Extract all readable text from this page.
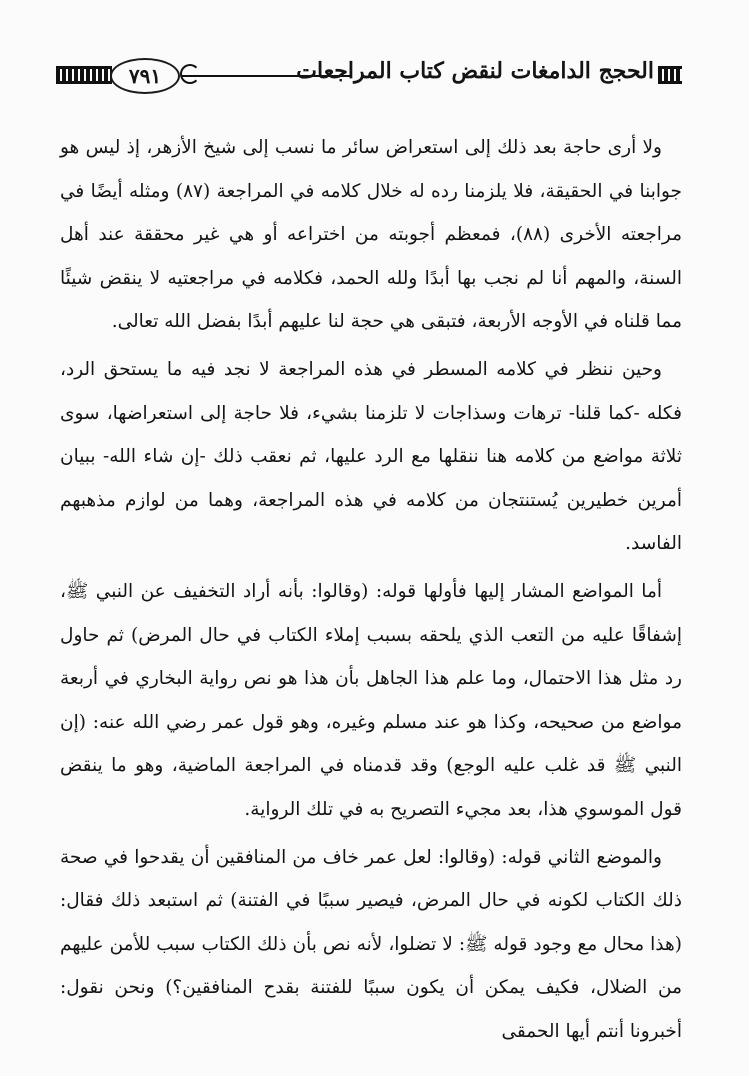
٧٩١	الحجج الدامغات لنقض كتاب المراجعات

ولا أرى حاجة بعد ذلك إلى استعراض سائر ما نسب إلى شيخ الأزهر، إذ ليس هو جوابنا في الحقيقة، فلا يلزمنا رده له خلال كلامه في المراجعة (٨٧) ومثله أيضًا في مراجعته الأخرى (٨٨)، فمعظم أجوبته من اختراعه أو هي غير محققة عند أهل السنة، والمهم أنا لم نجب بها أبدًا ولله الحمد، فكلامه في مراجعتيه لا ينقض شيئًا مما قلناه في الأوجه الأربعة، فتبقى هي حجة لنا عليهم أبدًا بفضل الله تعالى.

وحين ننظر في كلامه المسطر في هذه المراجعة لا نجد فيه ما يستحق الرد، فكله -كما قلنا- ترهات وسذاجات لا تلزمنا بشيء، فلا حاجة إلى استعراضها، سوى ثلاثة مواضع من كلامه هنا ننقلها مع الرد عليها، ثم نعقب ذلك -إن شاء الله- ببيان أمرين خطيرين يُستنتجان من كلامه في هذه المراجعة، وهما من لوازم مذهبهم الفاسد.

أما المواضع المشار إليها فأولها قوله: (وقالوا: بأنه أراد التخفيف عن النبي ﷺ، إشفاقًا عليه من التعب الذي يلحقه بسبب إملاء الكتاب في حال المرض) ثم حاول رد مثل هذا الاحتمال، وما علم هذا الجاهل بأن هذا هو نص رواية البخاري في أربعة مواضع من صحيحه، وكذا هو عند مسلم وغيره، وهو قول عمر رضي الله عنه: (إن النبي ﷺ قد غلب عليه الوجع) وقد قدمناه في المراجعة الماضية، وهو ما ينقض قول الموسوي هذا، بعد مجيء التصريح به في تلك الرواية.

والموضع الثاني قوله: (وقالوا: لعل عمر خاف من المنافقين أن يقدحوا في صحة ذلك الكتاب لكونه في حال المرض، فيصير سببًا في الفتنة) ثم استبعد ذلك فقال: (هذا محال مع وجود قوله ﷺ: لا تضلوا، لأنه نص بأن ذلك الكتاب سبب للأمن عليهم من الضلال، فكيف يمكن أن يكون سببًا للفتنة بقدح المنافقين؟) ونحن نقول: أخبرونا أنتم أيها الحمقى
